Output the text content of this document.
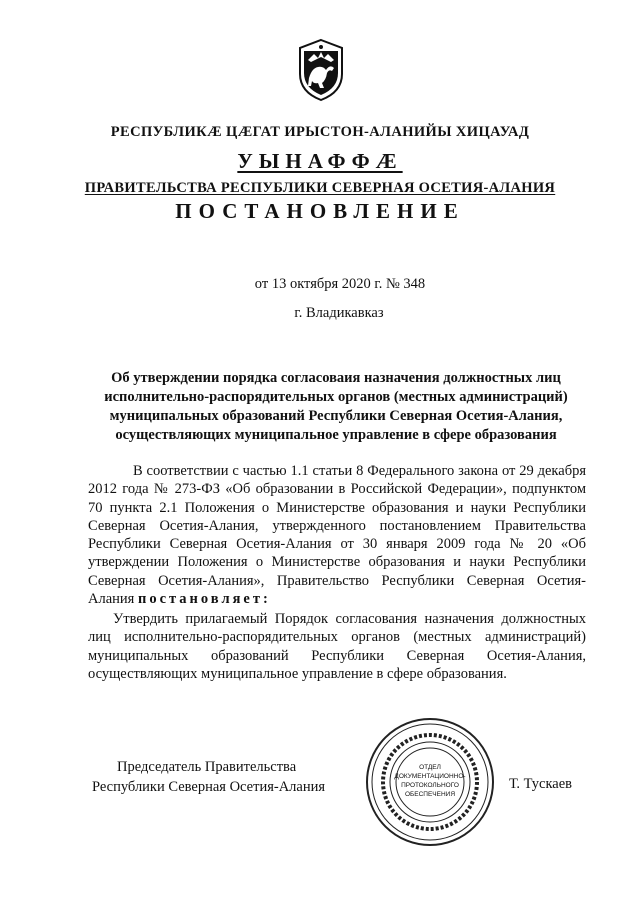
РЕСПУБЛИКӔ ЦӔГАТ ИРЫСТОН-АЛАНИЙЫ ХИЦАУАД
УЫНАФФӔ
ПРАВИТЕЛЬСТВА РЕСПУБЛИКИ СЕВЕРНАЯ ОСЕТИЯ-АЛАНИЯ
ПОСТАНОВЛЕНИЕ
от 13 октября 2020 г. № 348
г. Владикавказ
Об утверждении порядка согласоваия назначения должностных лиц
исполнительно-распорядительных органов (местных администраций)
муниципальных образований Республики Северная Осетия-Алания,
осуществляющих муниципальное управление в сфере образования
В соответствии с частью 1.1 статьи 8 Федерального закона от 29 декабря 2012 года № 273-ФЗ «Об образовании в Российской Федерации», подпунктом 70 пункта 2.1 Положения о Министерстве образования и науки Республики Северная Осетия-Алания, утвержденного постановлением Правительства Республики Северная Осетия-Алания от 30 января 2009 года № 20 «Об утверждении Положения о Министерстве образования и науки Республики Северная Осетия-Алания», Правительство Республики Северная Осетия-Алания постановляет:
Утвердить прилагаемый Порядок согласования назначения должностных лиц исполнительно-распорядительных органов (местных администраций) муниципальных образований Республики Северная Осетия-Алания, осуществляющих муниципальное управление в сфере образования.
Председатель Правительства
Республики Северная Осетия-Алания
ОТДЕЛ
ДОКУМЕНТАЦИОННО-
ПРОТОКОЛЬНОГО
ОБЕСПЕЧЕНИЯ
Т. Тускаев
